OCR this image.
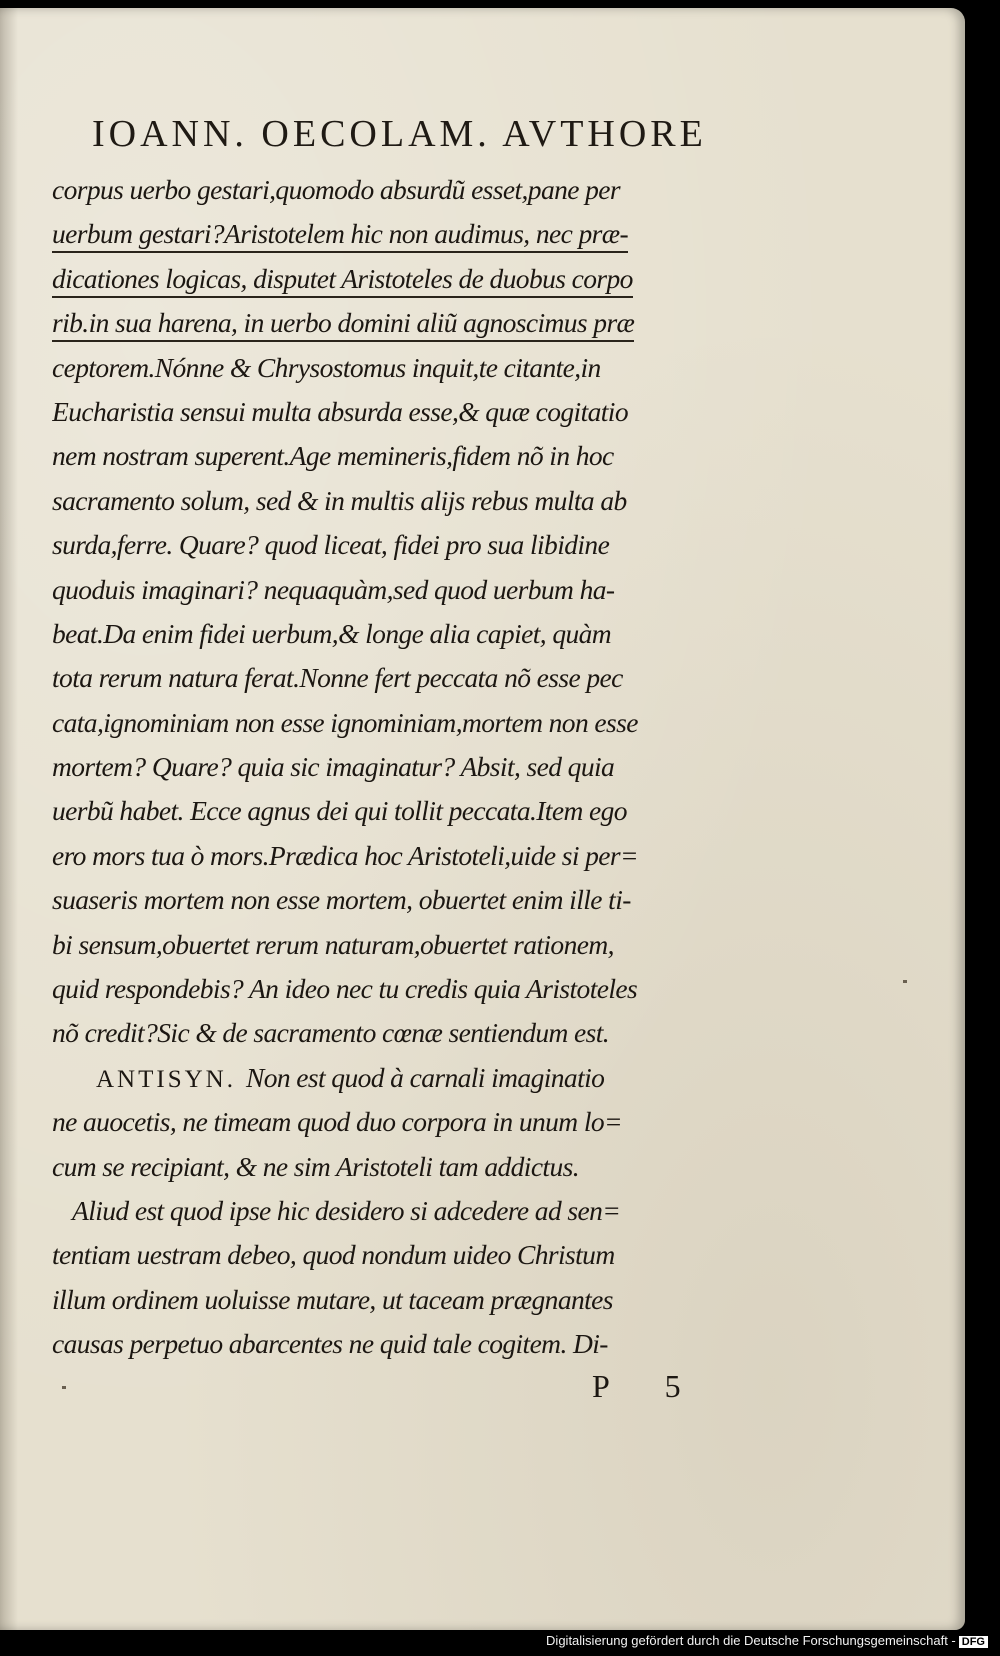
IOANN. OECOLAM. AVTHORE
corpus uerbo gestari,quomodo absurdũ esset,pane per
uerbum gestari?Aristotelem hic non audimus, nec præ-
dicationes logicas, disputet Aristoteles de duobus corpo
rib.in sua harena, in uerbo domini aliũ agnoscimus præ
ceptorem.Nónne & Chrysostomus inquit,te citante,in
Eucharistia sensui multa absurda esse,& quæ cogitatio
nem nostram superent.Age memineris,fidem nõ in hoc
sacramento solum, sed & in multis alijs rebus multa ab
surda,ferre. Quare? quod liceat, fidei pro sua libidine
quoduis imaginari? nequaquàm,sed quod uerbum ha-
beat.Da enim fidei uerbum,& longe alia capiet, quàm
tota rerum natura ferat.Nonne fert peccata nõ esse pec
cata,ignominiam non esse ignominiam,mortem non esse
mortem? Quare? quia sic imaginatur? Absit, sed quia
uerbũ habet. Ecce agnus dei qui tollit peccata.Item ego
ero mors tua ò mors.Prædica hoc Aristoteli,uide si per=
suaseris mortem non esse mortem, obuertet enim ille ti-
bi sensum,obuertet rerum naturam,obuertet rationem,
quid respondebis? An ideo nec tu credis quia Aristoteles
nõ credit?Sic & de sacramento cœnæ sentiendum est.
ANTISYN. Non est quod à carnali imaginatio
ne auocetis, ne timeam quod duo corpora in unum lo=
cum se recipiant, & ne sim Aristoteli tam addictus.
Aliud est quod ipse hic desidero si adcedere ad sen=
tentiam uestram debeo, quod nondum uideo Christum
illum ordinem uoluisse mutare, ut taceam prægnantes
causas perpetuo abarcentes ne quid tale cogitem. Di-
P 5
Digitalisierung gefördert durch die Deutsche Forschungsgemeinschaft - DFG
